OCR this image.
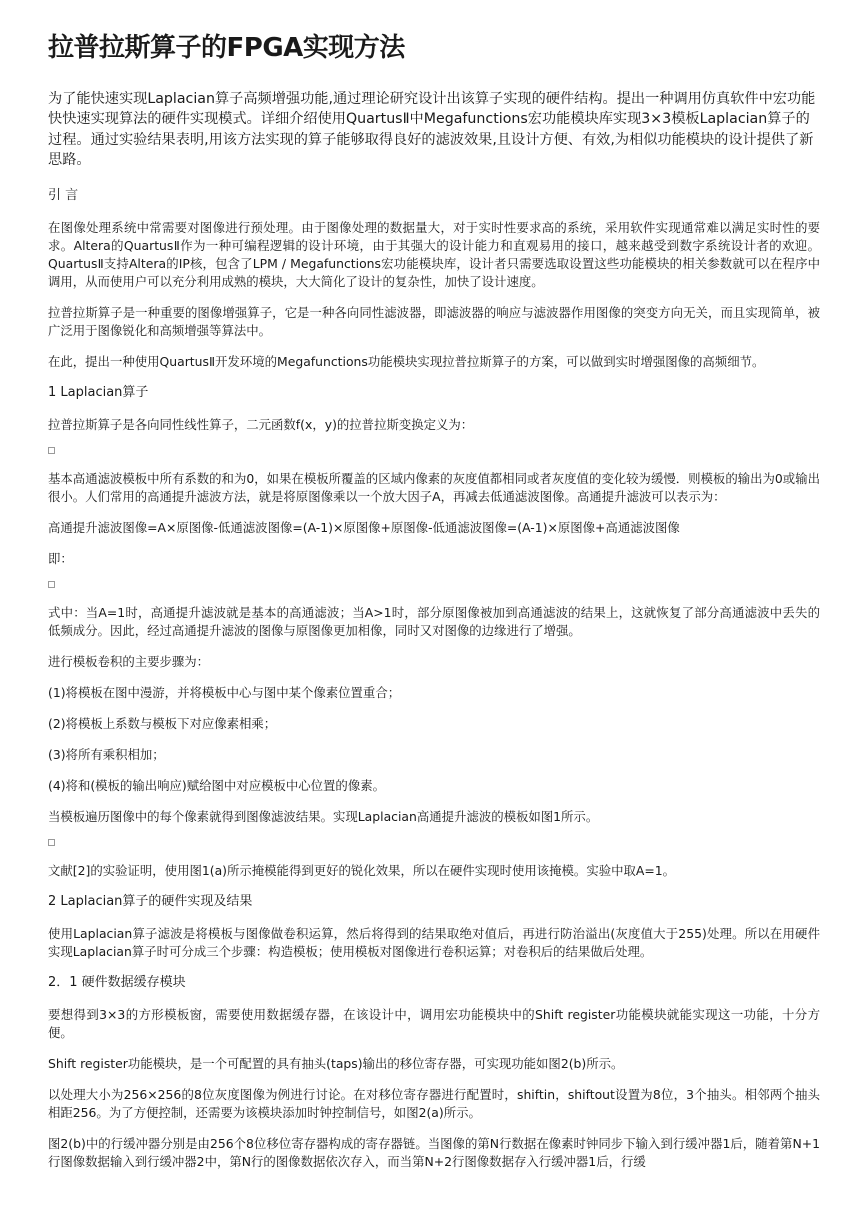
拉普拉斯算子的FPGA实现方法

为了能快速实现Laplacian算子高频增强功能,通过理论研究设计出该算子实现的硬件结构。提出一种调用仿真软件中宏功能快快速实现算法的硬件实现模式。详细介绍使用QuartusⅡ中Megafunctions宏功能模块库实现3×3模板Laplacian算子的过程。通过实验结果表明,用该方法实现的算子能够取得良好的滤波效果,且设计方便、有效,为相似功能模块的设计提供了新思路。

引 言

在图像处理系统中常需要对图像进行预处理。由于图像处理的数据量大，对于实时性要求高的系统，采用软件实现通常难以满足实时性的要求。Altera的QuartusⅡ作为一种可编程逻辑的设计环境，由于其强大的设计能力和直观易用的接口，越来越受到数字系统设计者的欢迎。QuartusⅡ支持Altera的IP核，包含了LPM / Megafunctions宏功能模块库，设计者只需要选取设置这些功能模块的相关参数就可以在程序中调用，从而使用户可以充分利用成熟的模块，大大简化了设计的复杂性，加快了设计速度。

拉普拉斯算子是一种重要的图像增强算子，它是一种各向同性滤波器，即滤波器的响应与滤波器作用图像的突变方向无关，而且实现简单，被广泛用于图像锐化和高频增强等算法中。

在此，提出一种使用QuartusⅡ开发环境的Megafunctions功能模块实现拉普拉斯算子的方案，可以做到实时增强图像的高频细节。

1 Laplacian算子

拉普拉斯算子是各向同性线性算子，二元函数f(x，y)的拉普拉斯变换定义为：

基本高通滤波模板中所有系数的和为0，如果在模板所覆盖的区域内像素的灰度值都相同或者灰度值的变化较为缓慢．则模板的输出为0或输出很小。人们常用的高通提升滤波方法，就是将原图像乘以一个放大因子A，再减去低通滤波图像。高通提升滤波可以表示为：

高通提升滤波图像=A×原图像-低通滤波图像=(A-1)×原图像+原图像-低通滤波图像=(A-1)×原图像+高通滤波图像

即：

式中：当A=1时，高通提升滤波就是基本的高通滤波；当A>1时，部分原图像被加到高通滤波的结果上，这就恢复了部分高通滤波中丢失的低频成分。因此，经过高通提升滤波的图像与原图像更加相像，同时又对图像的边缘进行了增强。

进行模板卷积的主要步骤为：

(1)将模板在图中漫游，并将模板中心与图中某个像素位置重合；

(2)将模板上系数与模板下对应像素相乘；

(3)将所有乘积相加；

(4)将和(模板的输出响应)赋给图中对应模板中心位置的像素。

当模板遍历图像中的每个像素就得到图像滤波结果。实现Laplacian高通提升滤波的模板如图1所示。

文献[2]的实验证明，使用图1(a)所示掩模能得到更好的锐化效果，所以在硬件实现时使用该掩模。实验中取A=1。

2 Laplacian算子的硬件实现及结果

使用Laplacian算子滤波是将模板与图像做卷积运算，然后将得到的结果取绝对值后，再进行防治溢出(灰度值大于255)处理。所以在用硬件实现Laplacian算子时可分成三个步骤：构造模板；使用模板对图像进行卷积运算；对卷积后的结果做后处理。

2．1 硬件数据缓存模块

要想得到3×3的方形模板窗，需要使用数据缓存器，在该设计中，调用宏功能模块中的Shift register功能模块就能实现这一功能，十分方便。

Shift register功能模块，是一个可配置的具有抽头(taps)输出的移位寄存器，可实现功能如图2(b)所示。

以处理大小为256×256的8位灰度图像为例进行讨论。在对移位寄存器进行配置时，shiftin，shiftout设置为8位，3个抽头。相邻两个抽头相距256。为了方便控制，还需要为该模块添加时钟控制信号，如图2(a)所示。

图2(b)中的行缓冲器分别是由256个8位移位寄存器构成的寄存器链。当图像的第N行数据在像素时钟同步下输入到行缓冲器1后，随着第N+1行图像数据输入到行缓冲器2中，第N行的图像数据依次存入，而当第N+2行图像数据存入行缓冲器1后，行缓
